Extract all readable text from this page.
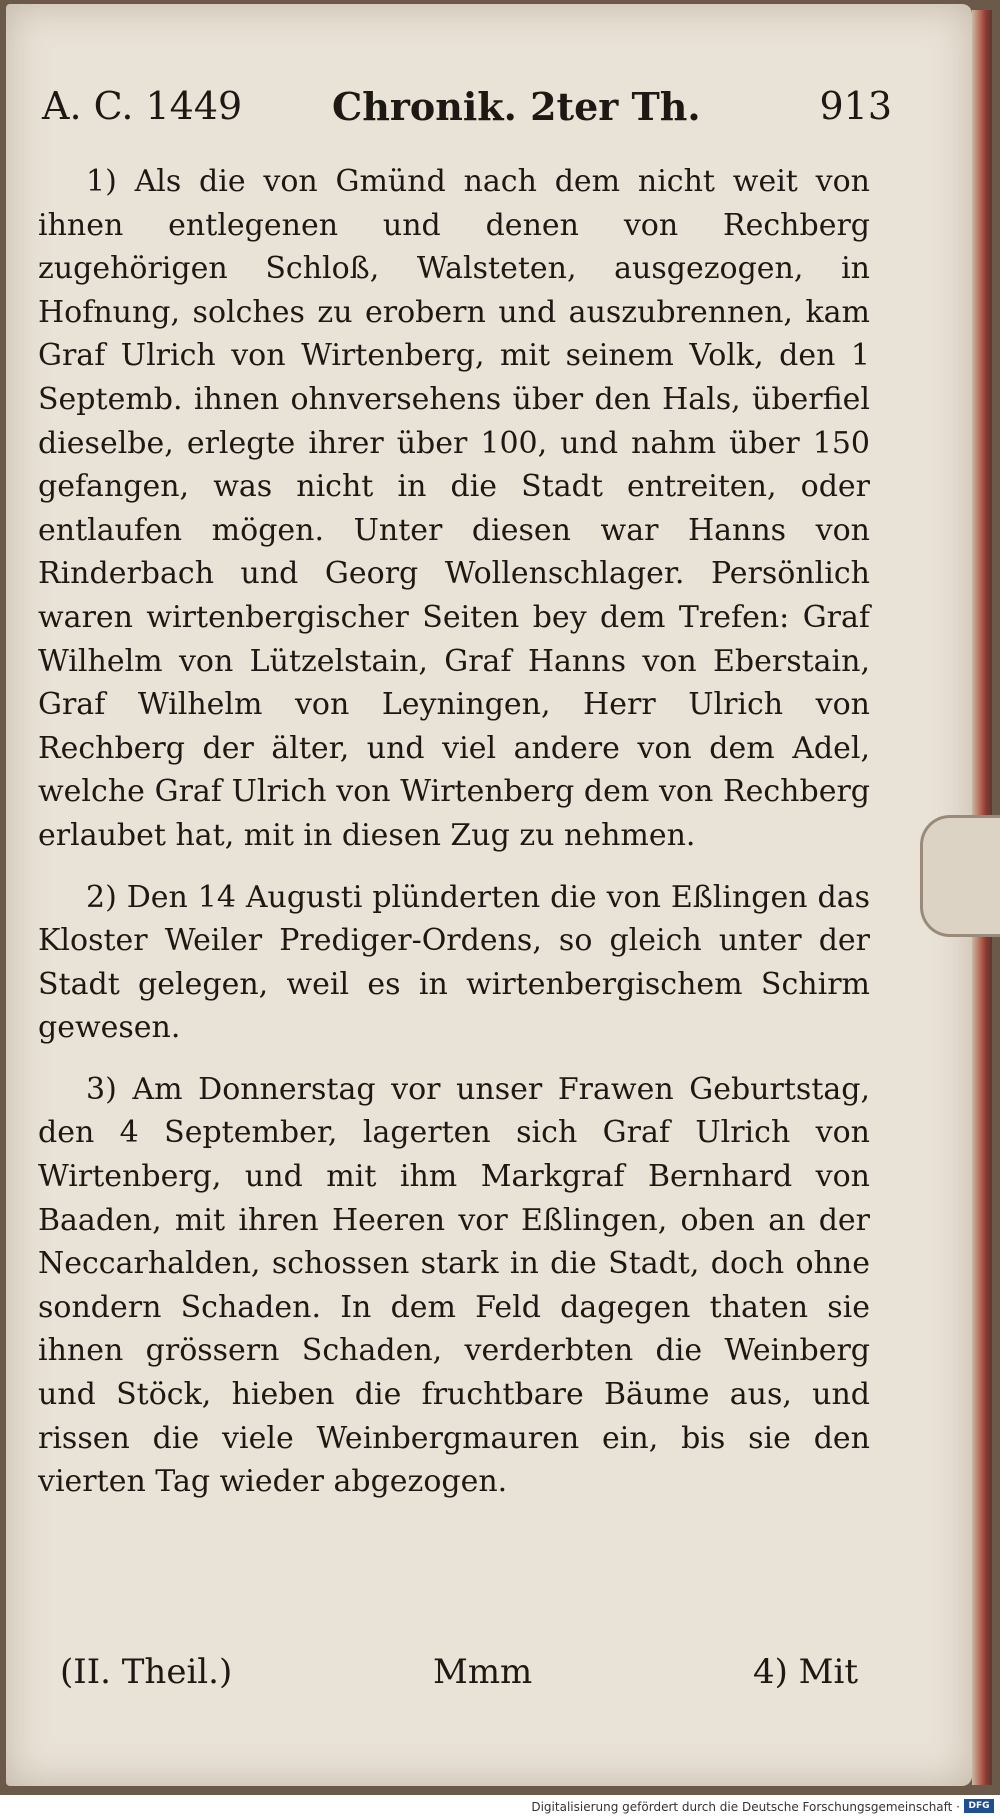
A. C. 1449 Chronik. 2ter Th.	913

1) Als die von Gmünd nach dem nicht weit von ihnen entlegenen und denen von Rechberg zugehörigen Schloß, Walsteten, ausgezogen, in Hofnung, solches zu erobern und auszubrennen, kam Graf Ulrich von Wirtenberg, mit seinem Volk, den 1 Septemb. ihnen ohnversehens über den Hals, überfiel dieselbe, erlegte ihrer über 100, und nahm über 150 gefangen, was nicht in die Stadt entreiten, oder entlaufen mögen. Unter diesen war Hanns von Rinderbach und Georg Wollenschlager. Persönlich waren wirtenbergischer Seiten bey dem Trefen: Graf Wilhelm von Lützelstain, Graf Hanns von Eberstain, Graf Wilhelm von Leyningen, Herr Ulrich von Rechberg der älter, und viel andere von dem Adel, welche Graf Ulrich von Wirtenberg dem von Rechberg erlaubet hat, mit in diesen Zug zu nehmen.

2) Den 14 Augusti plünderten die von Eßlingen das Kloster Weiler Prediger-Ordens, so gleich unter der Stadt gelegen, weil es in wirtenbergischem Schirm gewesen.

3) Am Donnerstag vor unser Frawen Geburtstag, den 4 September, lagerten sich Graf Ulrich von Wirtenberg, und mit ihm Markgraf Bernhard von Baaden, mit ihren Heeren vor Eßlingen, oben an der Neccarhalden, schossen stark in die Stadt, doch ohne sondern Schaden. In dem Feld dagegen thaten sie ihnen grössern Schaden, verderbten die Weinberg und Stöck, hieben die fruchtbare Bäume aus, und rissen die viele Weinbergmauren ein, bis sie den vierten Tag wieder abgezogen.

(II. Theil.)	Mmm	4) Mit
Digitalisierung gefördert durch die Deutsche Forschungsgemeinschaft · DFG
